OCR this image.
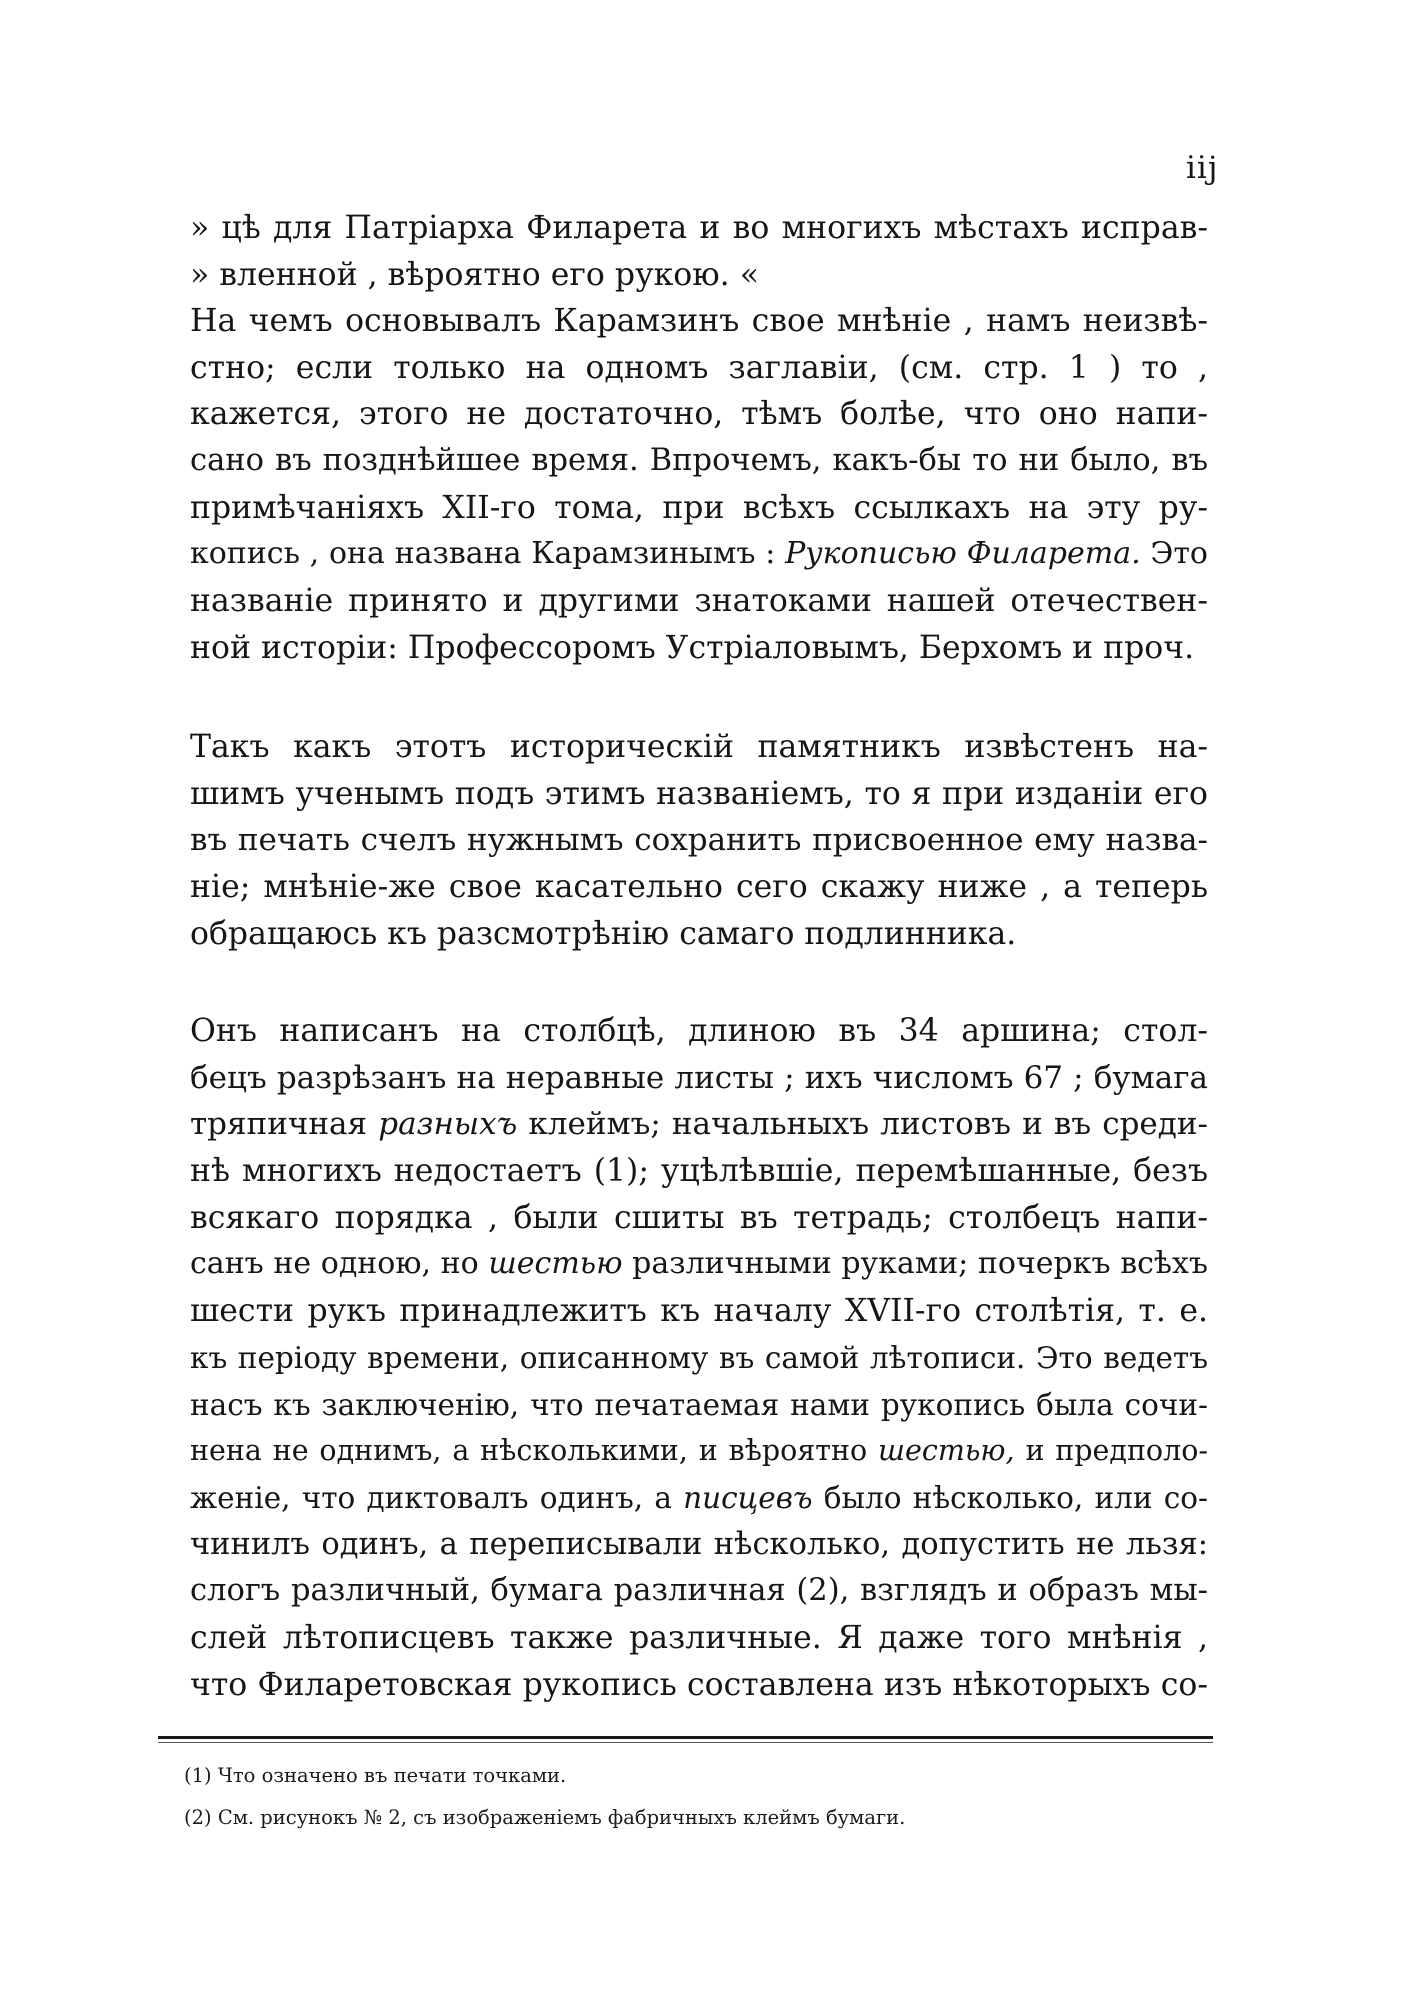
iij
» цѣ для Патріарха Филарета и во многихъ мѣстахъ исправ-
» вленной , вѣроятно его рукою. «
На чемъ основывалъ Карамзинъ свое мнѣніе , намъ неизвѣ-
стно; если только на одномъ заглавіи, (см. стр. 1 ) то ,
кажется, этого не достаточно, тѣмъ болѣе, что оно напи-
сано въ позднѣйшее время. Впрочемъ, какъ-бы то ни было, въ
примѣчаніяхъ XII-го тома, при всѣхъ ссылкахъ на эту ру-
копись , она названа Карамзинымъ : Рукописью Филарета. Это
названіе принято и другими знатоками нашей отечествен-
ной исторіи: Профессоромъ Устріаловымъ, Берхомъ и проч.
Такъ какъ этотъ историческій памятникъ извѣстенъ на-
шимъ ученымъ подъ этимъ названіемъ, то я при изданіи его
въ печать счелъ нужнымъ сохранить присвоенное ему назва-
ніе; мнѣніе-же свое касательно сего скажу ниже , а теперь
обращаюсь къ разсмотрѣнію самаго подлинника.
Онъ написанъ на столбцѣ, длиною въ 34 аршина; стол-
бецъ разрѣзанъ на неравные листы ; ихъ числомъ 67 ; бумага
тряпичная разныхъ клеймъ; начальныхъ листовъ и въ среди-
нѣ многихъ недостаетъ (1); уцѣлѣвшіе, перемѣшанные, безъ
всякаго порядка , были сшиты въ тетрадь; столбецъ напи-
санъ не одною, но шестью различными руками; почеркъ всѣхъ
шести рукъ принадлежитъ къ началу XVII-го столѣтія, т. е.
къ періоду времени, описанному въ самой лѣтописи. Это ведетъ
насъ къ заключенію, что печатаемая нами рукопись была сочи-
нена не однимъ, а нѣсколькими, и вѣроятно шестью, и предполо-
женіе, что диктовалъ одинъ, а писцевъ было нѣсколько, или со-
чинилъ одинъ, а переписывали нѣсколько, допустить не льзя:
слогъ различный, бумага различная (2), взглядъ и образъ мы-
слей лѣтописцевъ также различные. Я даже того мнѣнія ,
что Филаретовская рукопись составлена изъ нѣкоторыхъ со-
(1) Что означено въ печати точками.
(2) См. рисунокъ № 2, съ изображеніемъ фабричныхъ клеймъ бумаги.
